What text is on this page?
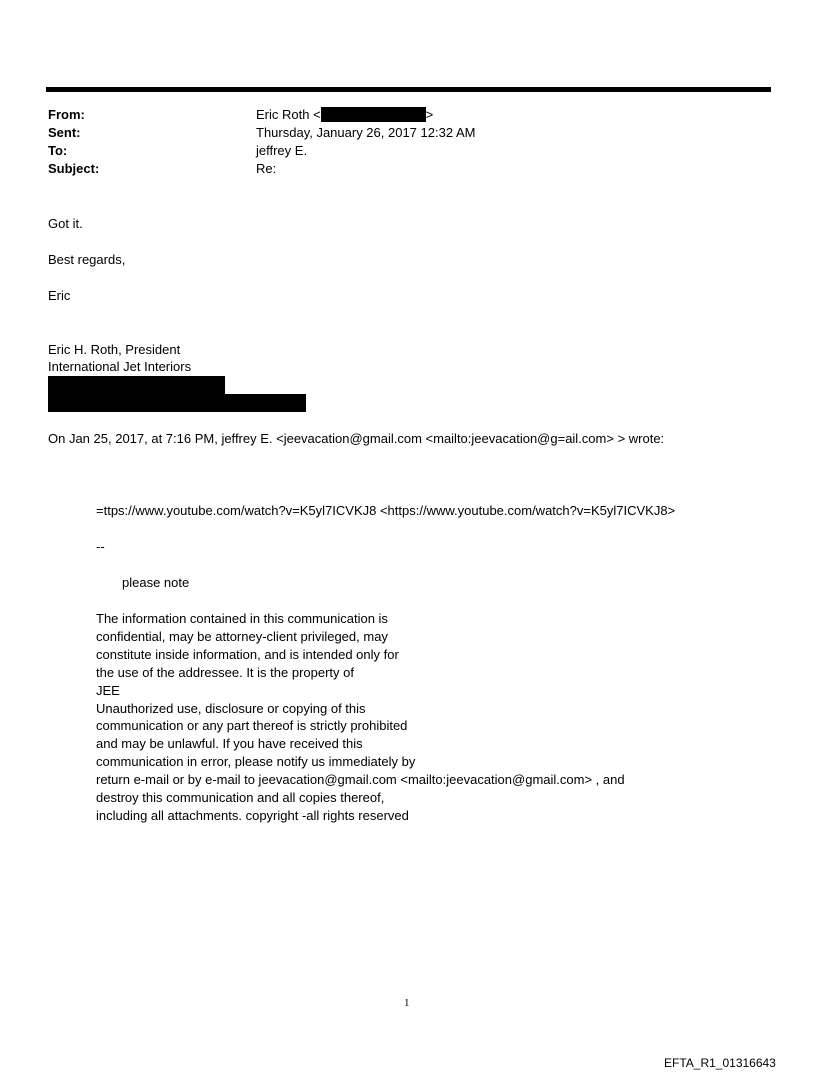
From:
Sent:
To:
Subject:
Eric Roth <	>
Thursday, January 26, 2017 12:32 AM
jeffrey E.
Re:
Got it.
Best regards,
Eric
Eric H. Roth, President
International Jet Interiors
On Jan 25, 2017, at 7:16 PM, jeffrey E. <jeevacation@gmail.com <mailto:jeevacation@g=ail.com> > wrote:
=ttps://www.youtube.com/watch?v=K5yl7ICVKJ8 <https://www.youtube.com/watch?v=K5yl7ICVKJ8>
--
please note
The information contained in this communication is
confidential, may be attorney-client privileged, may
constitute inside information, and is intended only for
the use of the addressee. It is the property of
JEE
Unauthorized use, disclosure or copying of this
communication or any part thereof is strictly prohibited
and may be unlawful. If you have received this
communication in error, please notify us immediately by
return e-mail or by e-mail to jeevacation@gmail.com <mailto:jeevacation@gmail.com> , and
destroy this communication and all copies thereof,
including all attachments. copyright -all rights reserved
1
EFTA_R1_01316643
